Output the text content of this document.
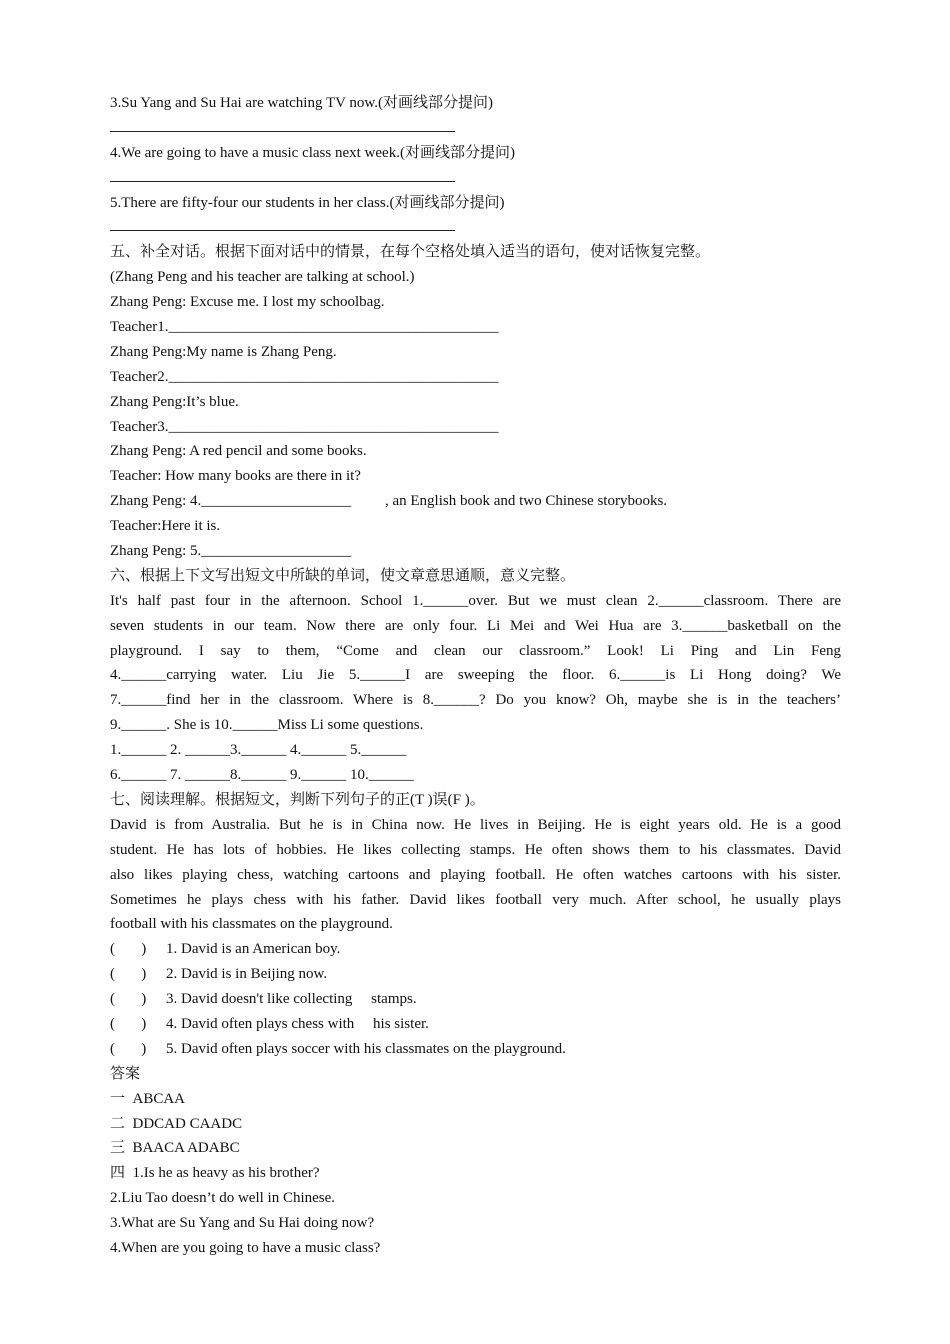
3.Su Yang and Su Hai are watching TV now.(对画线部分提问)
4.We are going to have a music class next week.(对画线部分提问)
5.There are fifty-four our students in her class.(对画线部分提问)
五、补全对话。根据下面对话中的情景，在每个空格处填入适当的语句，使对话恢复完整。
(Zhang Peng and his teacher are talking at school.)
Zhang Peng: Excuse me. I lost my schoolbag.
Teacher1.____________________________________________
Zhang Peng:My name is Zhang Peng.
Teacher2.____________________________________________
Zhang Peng:It’s blue.
Teacher3.____________________________________________
Zhang Peng: A red pencil and some books.
Teacher: How many books are there in it?
Zhang Peng: 4.____________________         , an English book and two Chinese storybooks.
Teacher:Here it is.
Zhang Peng: 5.____________________
六、根据上下文写出短文中所缺的单词，使文章意思通顺，意义完整。
It's half past four in the afternoon. School 1.______over. But we must clean 2.______classroom. There are
seven students in our team. Now there are only four. Li Mei and Wei Hua are 3.______basketball on the
playground. I say to them, “Come and clean our classroom.” Look! Li Ping and Lin Feng
4.______carrying water. Liu Jie 5.______I are sweeping the floor. 6.______is Li Hong doing? We
7.______find her in the classroom. Where is 8.______? Do you know? Oh, maybe she is in the teachers’
9.______. She is 10.______Miss Li some questions.
1.______ 2. ______3.______ 4.______ 5.______
6.______ 7. ______8.______ 9.______ 10.______
七、阅读理解。根据短文，判断下列句子的正(T )误(F )。
David is from Australia. But he is in China now. He lives in Beijing. He is eight years old. He is a good
student. He has lots of hobbies. He likes collecting stamps. He often shows them to his classmates. David
also likes playing chess, watching cartoons and playing football. He often watches cartoons with his sister.
Sometimes he plays chess with his father. David likes football very much. After school, he usually plays
football with his classmates on the playground.
(       )	1. David is an American boy.
(       )	2. David is in Beijing now.
(       )	3. David doesn't like collecting     stamps.
(       )	4. David often plays chess with     his sister.
(       )	5. David often plays soccer with his classmates on the playground.
答案
一  ABCAA
二  DDCAD CAADC
三  BAACA ADABC
四  1.Is he as heavy as his brother?
2.Liu Tao doesn’t do well in Chinese.
3.What are Su Yang and Su Hai doing now?
4.When are you going to have a music class?
